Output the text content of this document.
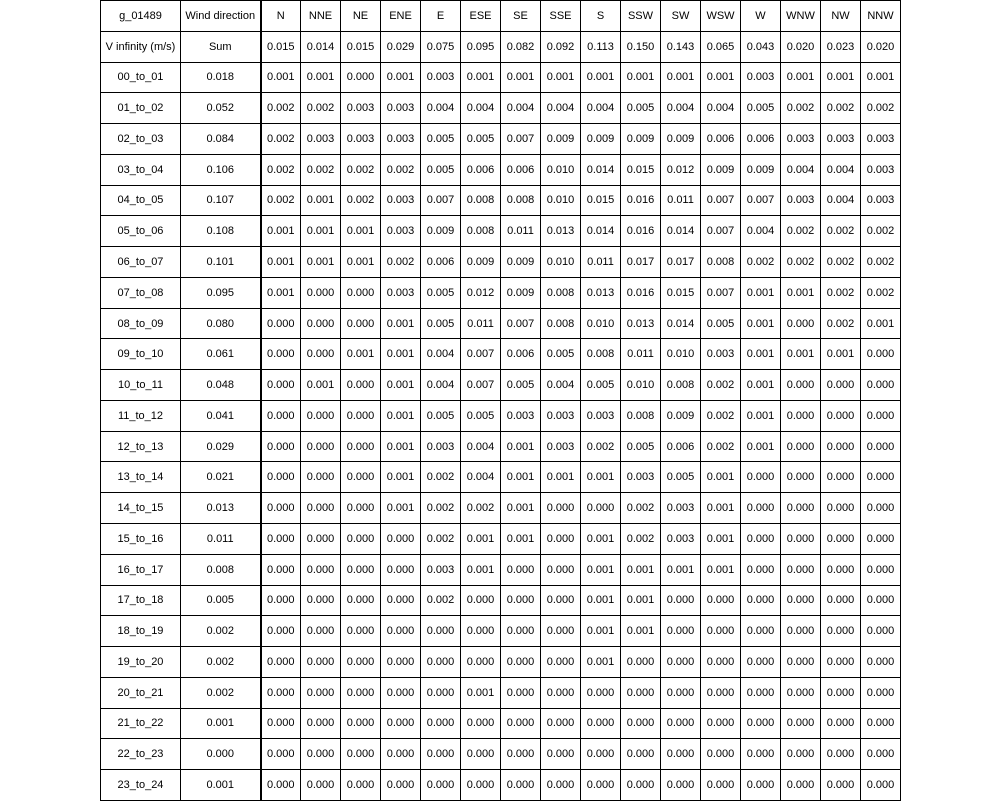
g_01489	Wind direction	N	NNE	NE	ENE	E	ESE	SE	SSE	S	SSW	SW	WSW	W	WNW	NW	NNW
V infinity (m/s)	Sum	0.015	0.014	0.015	0.029	0.075	0.095	0.082	0.092	0.113	0.150	0.143	0.065	0.043	0.020	0.023	0.020
00_to_01	0.018	0.001	0.001	0.000	0.001	0.003	0.001	0.001	0.001	0.001	0.001	0.001	0.001	0.003	0.001	0.001	0.001
01_to_02	0.052	0.002	0.002	0.003	0.003	0.004	0.004	0.004	0.004	0.004	0.005	0.004	0.004	0.005	0.002	0.002	0.002
02_to_03	0.084	0.002	0.003	0.003	0.003	0.005	0.005	0.007	0.009	0.009	0.009	0.009	0.006	0.006	0.003	0.003	0.003
03_to_04	0.106	0.002	0.002	0.002	0.002	0.005	0.006	0.006	0.010	0.014	0.015	0.012	0.009	0.009	0.004	0.004	0.003
04_to_05	0.107	0.002	0.001	0.002	0.003	0.007	0.008	0.008	0.010	0.015	0.016	0.011	0.007	0.007	0.003	0.004	0.003
05_to_06	0.108	0.001	0.001	0.001	0.003	0.009	0.008	0.011	0.013	0.014	0.016	0.014	0.007	0.004	0.002	0.002	0.002
06_to_07	0.101	0.001	0.001	0.001	0.002	0.006	0.009	0.009	0.010	0.011	0.017	0.017	0.008	0.002	0.002	0.002	0.002
07_to_08	0.095	0.001	0.000	0.000	0.003	0.005	0.012	0.009	0.008	0.013	0.016	0.015	0.007	0.001	0.001	0.002	0.002
08_to_09	0.080	0.000	0.000	0.000	0.001	0.005	0.011	0.007	0.008	0.010	0.013	0.014	0.005	0.001	0.000	0.002	0.001
09_to_10	0.061	0.000	0.000	0.001	0.001	0.004	0.007	0.006	0.005	0.008	0.011	0.010	0.003	0.001	0.001	0.001	0.000
10_to_11	0.048	0.000	0.001	0.000	0.001	0.004	0.007	0.005	0.004	0.005	0.010	0.008	0.002	0.001	0.000	0.000	0.000
11_to_12	0.041	0.000	0.000	0.000	0.001	0.005	0.005	0.003	0.003	0.003	0.008	0.009	0.002	0.001	0.000	0.000	0.000
12_to_13	0.029	0.000	0.000	0.000	0.001	0.003	0.004	0.001	0.003	0.002	0.005	0.006	0.002	0.001	0.000	0.000	0.000
13_to_14	0.021	0.000	0.000	0.000	0.001	0.002	0.004	0.001	0.001	0.001	0.003	0.005	0.001	0.000	0.000	0.000	0.000
14_to_15	0.013	0.000	0.000	0.000	0.001	0.002	0.002	0.001	0.000	0.000	0.002	0.003	0.001	0.000	0.000	0.000	0.000
15_to_16	0.011	0.000	0.000	0.000	0.000	0.002	0.001	0.001	0.000	0.001	0.002	0.003	0.001	0.000	0.000	0.000	0.000
16_to_17	0.008	0.000	0.000	0.000	0.000	0.003	0.001	0.000	0.000	0.001	0.001	0.001	0.001	0.000	0.000	0.000	0.000
17_to_18	0.005	0.000	0.000	0.000	0.000	0.002	0.000	0.000	0.000	0.001	0.001	0.000	0.000	0.000	0.000	0.000	0.000
18_to_19	0.002	0.000	0.000	0.000	0.000	0.000	0.000	0.000	0.000	0.001	0.001	0.000	0.000	0.000	0.000	0.000	0.000
19_to_20	0.002	0.000	0.000	0.000	0.000	0.000	0.000	0.000	0.000	0.001	0.000	0.000	0.000	0.000	0.000	0.000	0.000
20_to_21	0.002	0.000	0.000	0.000	0.000	0.000	0.001	0.000	0.000	0.000	0.000	0.000	0.000	0.000	0.000	0.000	0.000
21_to_22	0.001	0.000	0.000	0.000	0.000	0.000	0.000	0.000	0.000	0.000	0.000	0.000	0.000	0.000	0.000	0.000	0.000
22_to_23	0.000	0.000	0.000	0.000	0.000	0.000	0.000	0.000	0.000	0.000	0.000	0.000	0.000	0.000	0.000	0.000	0.000
23_to_24	0.001	0.000	0.000	0.000	0.000	0.000	0.000	0.000	0.000	0.000	0.000	0.000	0.000	0.000	0.000	0.000	0.000
